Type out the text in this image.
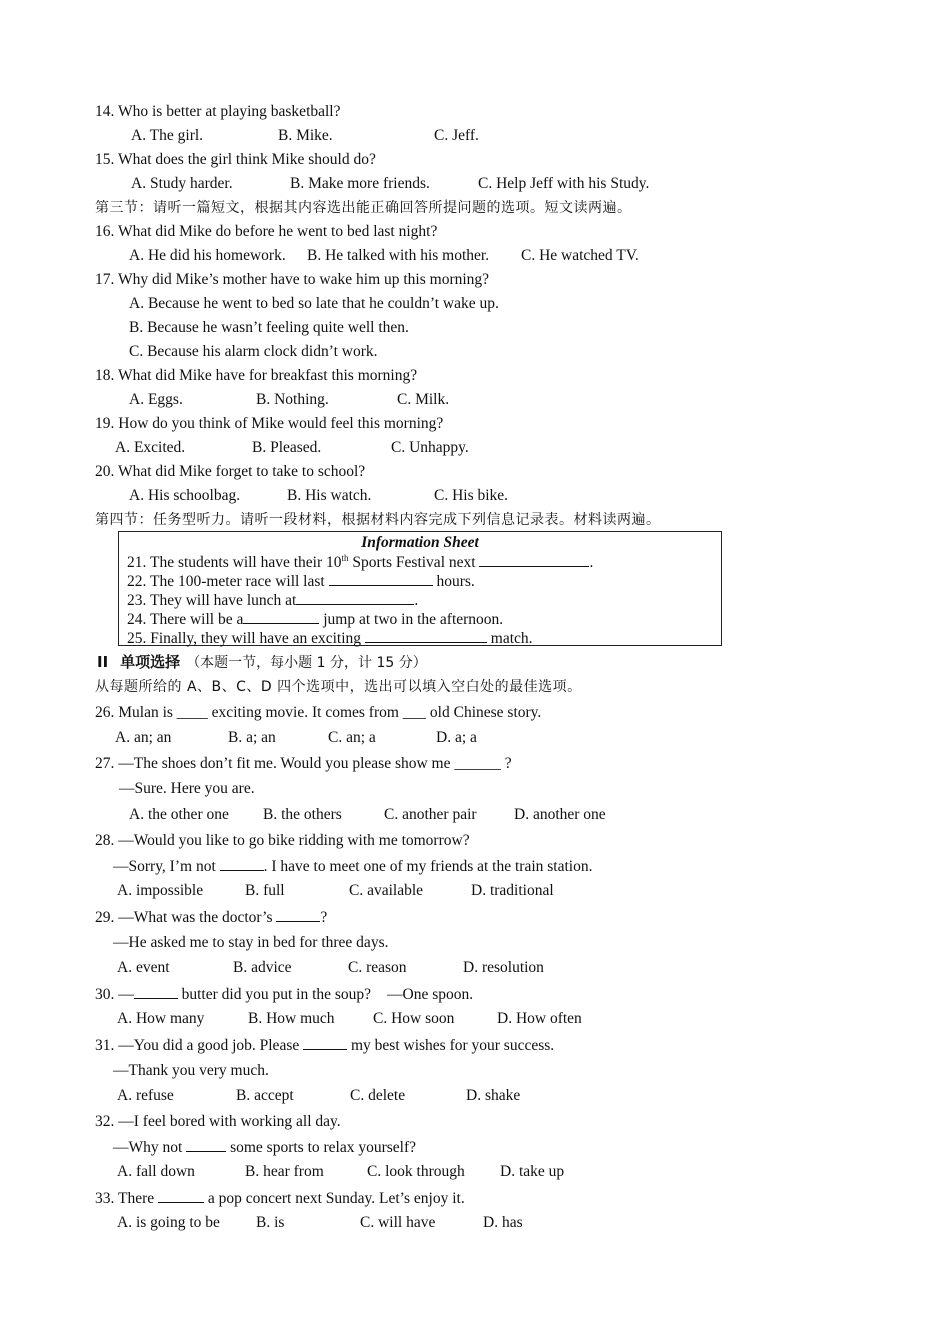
14. Who is better at playing basketball?
A. The girl.	B. Mike.	C. Jeff.
15. What does the girl think Mike should do?
A. Study harder.	B. Make more friends.	C. Help Jeff with his Study.
第三节：请听一篇短文，根据其内容选出能正确回答所提问题的选项。短文读两遍。
16. What did Mike do before he went to bed last night?
A. He did his homework. B. He talked with his mother. C. He watched TV.
17. Why did Mike’s mother have to wake him up this morning?
A. Because he went to bed so late that he couldn’t wake up.
B. Because he wasn’t feeling quite well then.
C. Because his alarm clock didn’t work.
18. What did Mike have for breakfast this morning?
A. Eggs.	B. Nothing.	C. Milk.
19. How do you think of Mike would feel this morning?
A. Excited.	B. Pleased.	C. Unhappy.
20. What did Mike forget to take to school?
A. His schoolbag.	B. His watch.	C. His bike.
第四节：任务型听力。请听一段材料，根据材料内容完成下列信息记录表。材料读两遍。
Information Sheet
21. The students will have their 10th Sports Festival next	.
22. The 100-meter race will last	hours.
23. They will have lunch at	.
24. There will be a	jump at two in the afternoon.
25. Finally, they will have an exciting	match.
II 单项选择 （本题一节，每小题 1 分，计 15 分）
从每题所给的 A、B、C、D 四个选项中，选出可以填入空白处的最佳选项。
26. Mulan is ____ exciting movie. It comes from ___ old Chinese story.
A. an; an	B. a; an	C. an; a	D. a; a
27. —The shoes don’t fit me. Would you please show me ______ ?
—Sure. Here you are.
A. the other one B. the others	C. another pair D. another one
28. —Would you like to go bike ridding with me tomorrow?
—Sorry, I’m not	. I have to meet one of my friends at the train station.
A. impossible	B. full	C. available	D. traditional
29. —What was the doctor’s	?
—He asked me to stay in bed for three days.
A. event	B. advice	C. reason	D. resolution
30. —	butter did you put in the soup? —One spoon.
A. How many	B. How much C. How soon	D. How often
31. —You did a good job. Please	my best wishes for your success.
—Thank you very much.
A. refuse	B. accept	C. delete	D. shake
32. —I feel bored with working all day.
—Why not	some sports to relax yourself?
A. fall down	B. hear from	C. look through D. take up
33. There	a pop concert next Sunday. Let’s enjoy it.
A. is going to be B. is	C. will have	D. has
